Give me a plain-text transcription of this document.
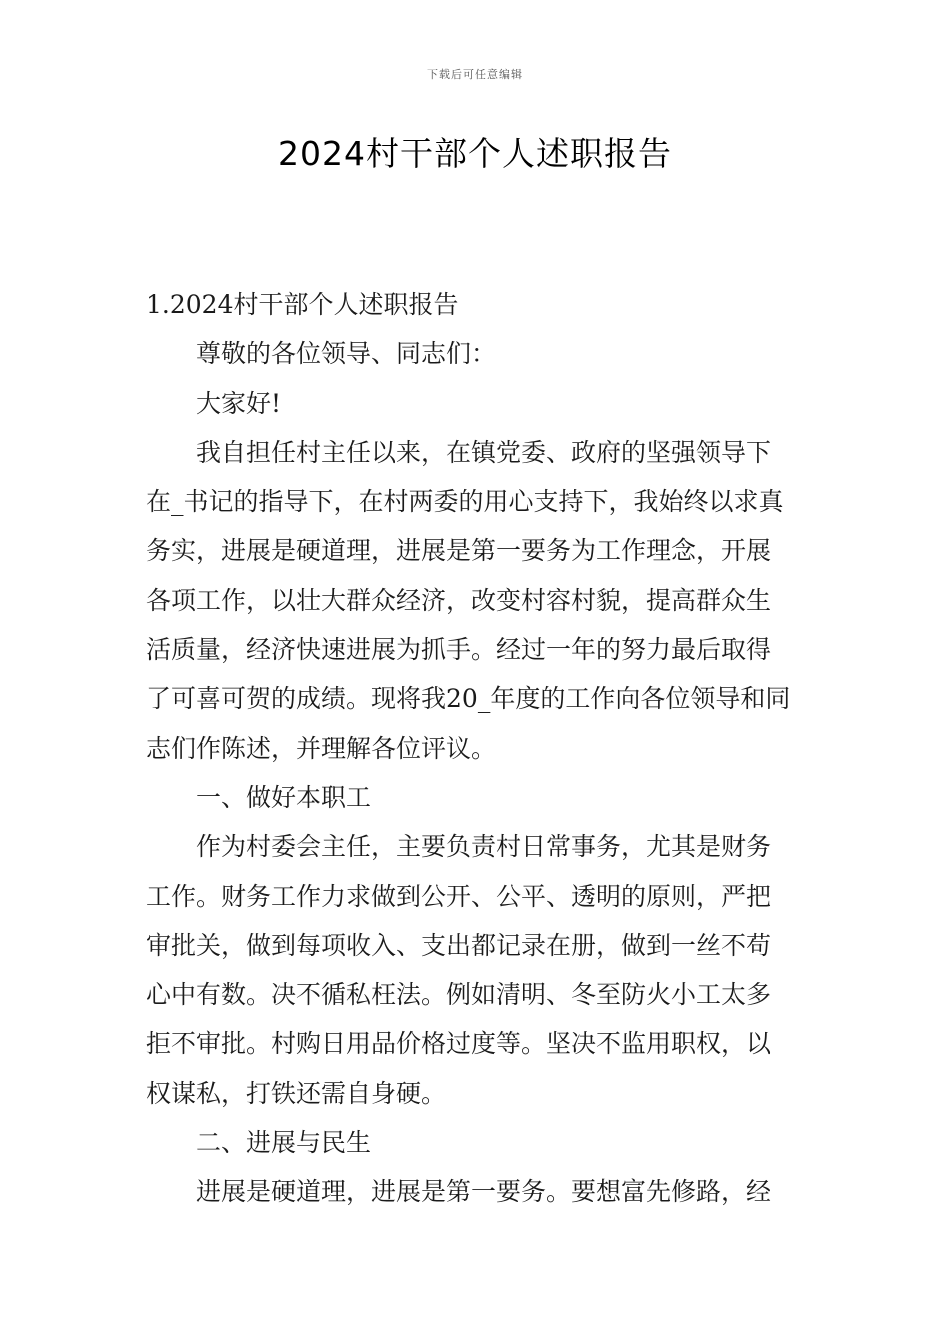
下载后可任意编辑
2024村干部个人述职报告

1.2024村干部个人述职报告

尊敬的各位领导、同志们：

大家好!

我自担任村主任以来，在镇党委、政府的坚强领导下

在_书记的指导下，在村两委的用心支持下，我始终以求真

务实，进展是硬道理，进展是第一要务为工作理念，开展

各项工作，以壮大群众经济，改变村容村貌，提高群众生

活质量，经济快速进展为抓手。经过一年的努力最后取得

了可喜可贺的成绩。现将我20_年度的工作向各位领导和同

志们作陈述，并理解各位评议。

一、做好本职工

作为村委会主任，主要负责村日常事务，尤其是财务

工作。财务工作力求做到公开、公平、透明的原则，严把

审批关，做到每项收入、支出都记录在册，做到一丝不苟

心中有数。决不循私枉法。例如清明、冬至防火小工太多

拒不审批。村购日用品价格过度等。坚决不监用职权，以

权谋私，打铁还需自身硬。

二、进展与民生

进展是硬道理，进展是第一要务。要想富先修路，经
